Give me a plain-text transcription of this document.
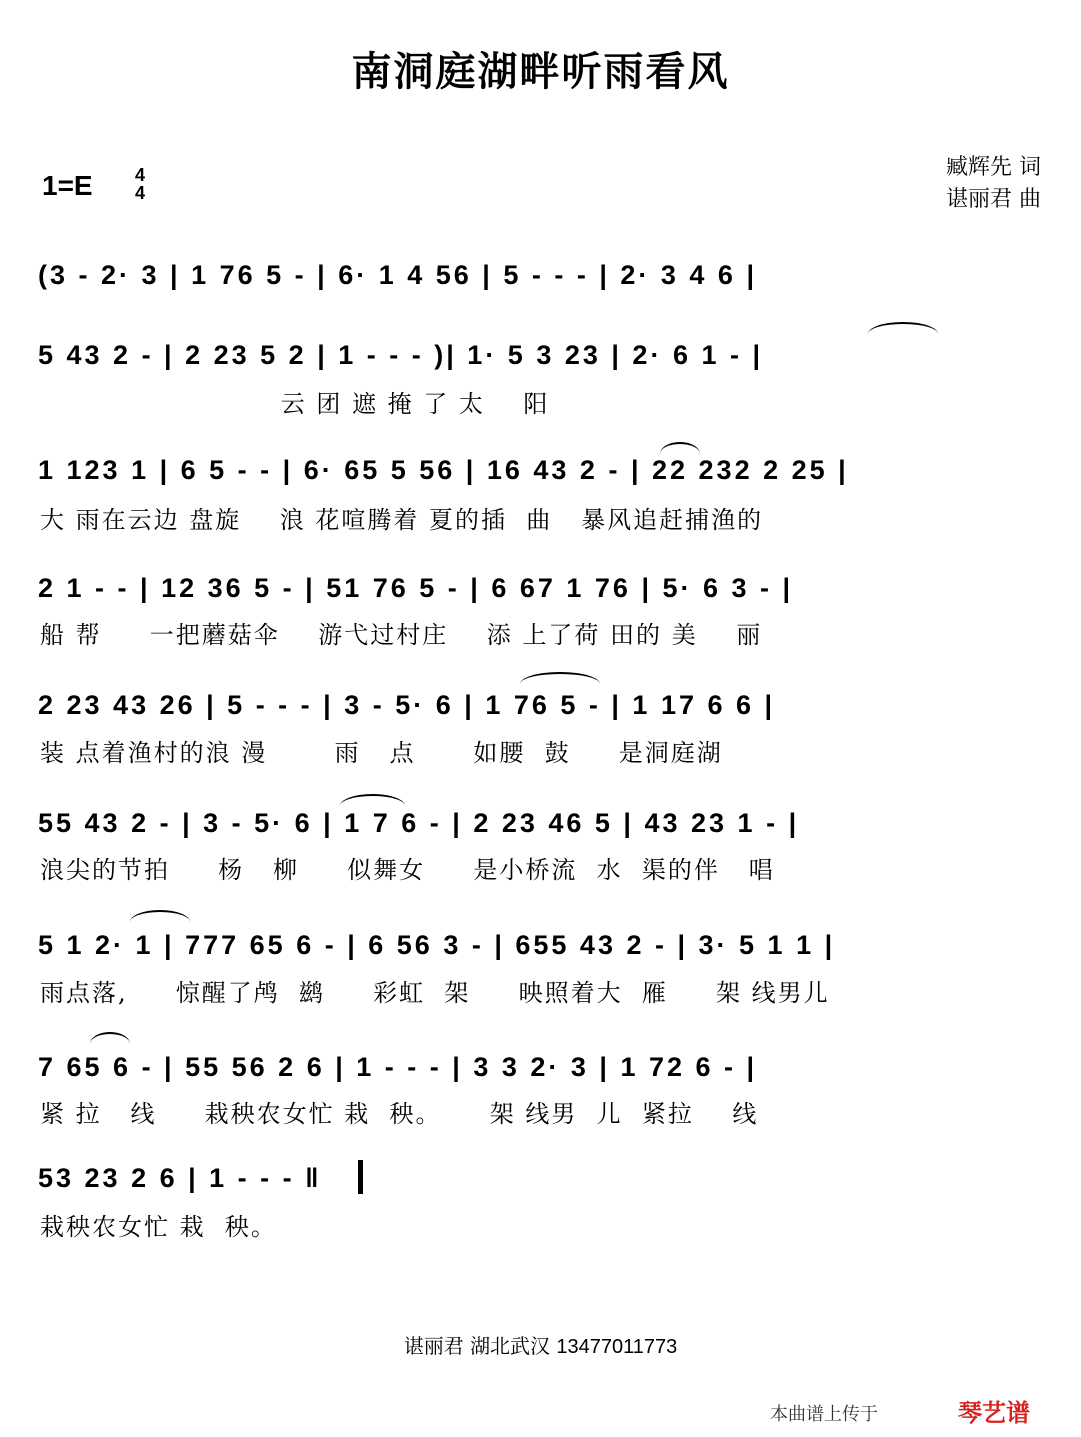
南洞庭湖畔听雨看风
1=E 4
4
臧辉先 词
谌丽君 曲
(3 - 2· 3 | 1 76 5 - | 6· 1 4 56 | 5 - - - | 2· 3 4 6 |
5 43 2 - | 2 23 5 2 | 1 - - - )| 1· 5 3 23 | 2· 6 1 - |
云 团 遮 掩 了 太    阳
1 123 1 | 6 5 - - | 6· 65 5 56 | 16 43 2 - | 22 232 2 25 |
大 雨在云边 盘旋    浪 花喧腾着 夏的插  曲   暴风追赶捕渔的
2 1 - - | 12 36 5 - | 51 76 5 - | 6 67 1 76 | 5· 6 3 - |
船 帮     一把蘑菇伞    游弋过村庄    添 上了荷 田的 美    丽
2 23 43 26 | 5 - - - | 3 - 5· 6 | 1 76 5 - | 1 17 6 6 |
装 点着渔村的浪 漫       雨   点      如腰  鼓     是洞庭湖
55 43 2 - | 3 - 5· 6 | 1 7 6 - | 2 23 46 5 | 43 23 1 - |
浪尖的节拍     杨   柳     似舞女     是小桥流  水  渠的伴   唱
5 1 2· 1 | 777 65 6 - | 6 56 3 - | 655 43 2 - | 3· 5 1 1 |
雨点落,     惊醒了鸬  鹚     彩虹  架     映照着大  雁     架 线男儿
7 65 6 - | 55 56 2 6 | 1 - - - | 3 3 2· 3 | 1 72 6 - |
紧 拉   线     栽秧农女忙 栽  秧。     架 线男  儿  紧拉    线
53 23 2 6 | 1 - - - ‖
栽秧农女忙 栽  秧。
谌丽君 湖北武汉 13477011773
本曲谱上传于	琴艺谱
